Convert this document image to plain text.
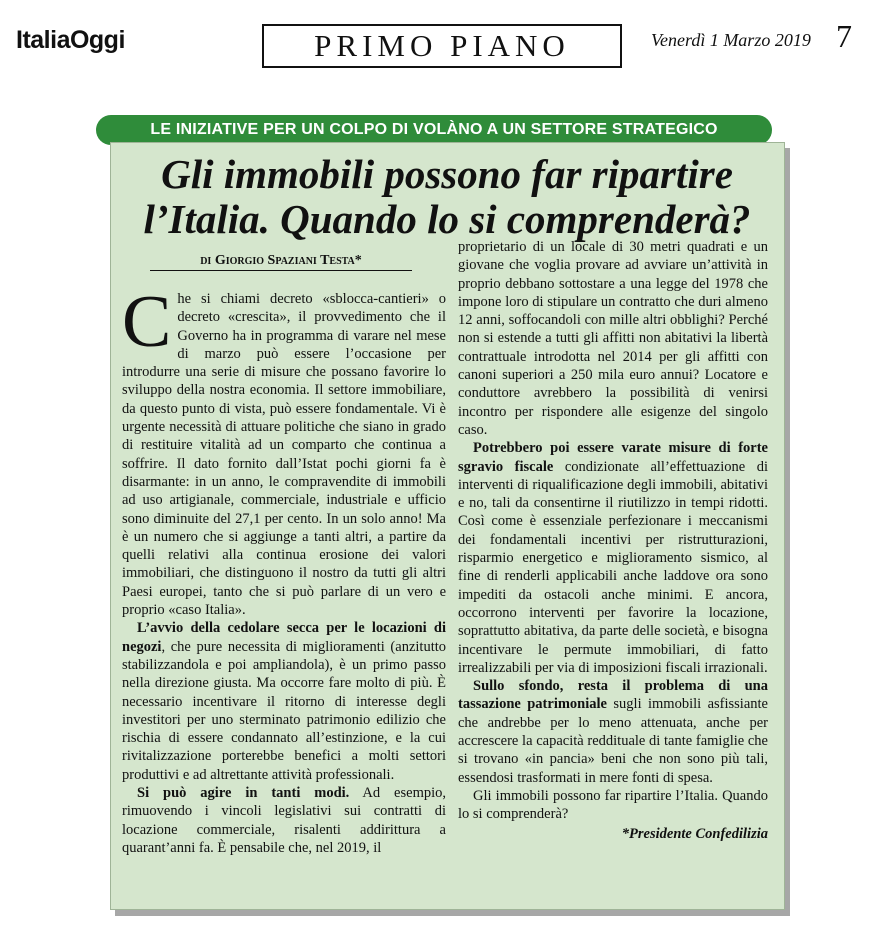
ItaliaOggi	PRIMO PIANO	Venerdì 1 Marzo 2019 7
LE INIZIATIVE PER UN COLPO DI VOLÀNO A UN SETTORE STRATEGICO
Gli immobili possono far ripartire l’Italia. Quando lo si comprenderà?
di Giorgio Spaziani Testa*

Che si chiami decreto «sblocca-cantieri» o decreto «crescita», il provvedimento che il Governo ha in programma di varare nel mese di marzo può essere l’occasione per introdurre una serie di misure che possano favorire lo sviluppo della nostra economia. Il settore immobiliare, da questo punto di vista, può essere fondamentale. Vi è urgente necessità di attuare politiche che siano in grado di restituire vitalità ad un comparto che continua a soffrire. Il dato fornito dall’Istat pochi giorni fa è disarmante: in un anno, le compravendite di immobili ad uso artigianale, commerciale, industriale e ufficio sono diminuite del 27,1 per cento. In un solo anno! Ma è un numero che si aggiunge a tanti altri, a partire da quelli relativi alla continua erosione dei valori immobiliari, che distinguono il nostro da tutti gli altri Paesi europei, tanto che si può parlare di un vero e proprio «caso Italia».

L’avvio della cedolare secca per le locazioni di negozi, che pure necessita di miglioramenti (anzitutto stabilizzandola e poi ampliandola), è un primo passo nella direzione giusta. Ma occorre fare molto di più. È necessario incentivare il ritorno di interesse degli investitori per uno sterminato patrimonio edilizio che rischia di essere condannato all’estinzione, e la cui rivitalizzazione porterebbe benefici a molti settori produttivi e ad altrettante attività professionali.

Si può agire in tanti modi. Ad esempio, rimuovendo i vincoli legislativi sui contratti di locazione commerciale, risalenti addirittura a quarant’anni fa. È pensabile che, nel 2019, il

proprietario di un locale di 30 metri quadrati e un giovane che voglia provare ad avviare un’attività in proprio debbano sottostare a una legge del 1978 che impone loro di stipulare un contratto che duri almeno 12 anni, soffocandoli con mille altri obblighi? Perché non si estende a tutti gli affitti non abitativi la libertà contrattuale introdotta nel 2014 per gli affitti con canoni superiori a 250 mila euro annui? Locatore e conduttore avrebbero la possibilità di venirsi incontro per rispondere alle esigenze del singolo caso.

Potrebbero poi essere varate misure di forte sgravio fiscale condizionate all’effettuazione di interventi di riqualificazione degli immobili, abitativi e no, tali da consentirne il riutilizzo in tempi ridotti. Così come è essenziale perfezionare i meccanismi dei fondamentali incentivi per ristrutturazioni, risparmio energetico e miglioramento sismico, al fine di renderli applicabili anche laddove ora sono impediti da ostacoli anche minimi. E ancora, occorrono interventi per favorire la locazione, soprattutto abitativa, da parte delle società, e bisogna incentivare le permute immobiliari, di fatto irrealizzabili per via di imposizioni fiscali irrazionali.

Sullo sfondo, resta il problema di una tassazione patrimoniale sugli immobili asfissiante che andrebbe per lo meno attenuata, anche per accrescere la capacità reddituale di tante famiglie che si trovano «in pancia» beni che non sono più tali, essendosi trasformati in mere fonti di spesa.

Gli immobili possono far ripartire l’Italia. Quando lo si comprenderà?

*Presidente Confedilizia
